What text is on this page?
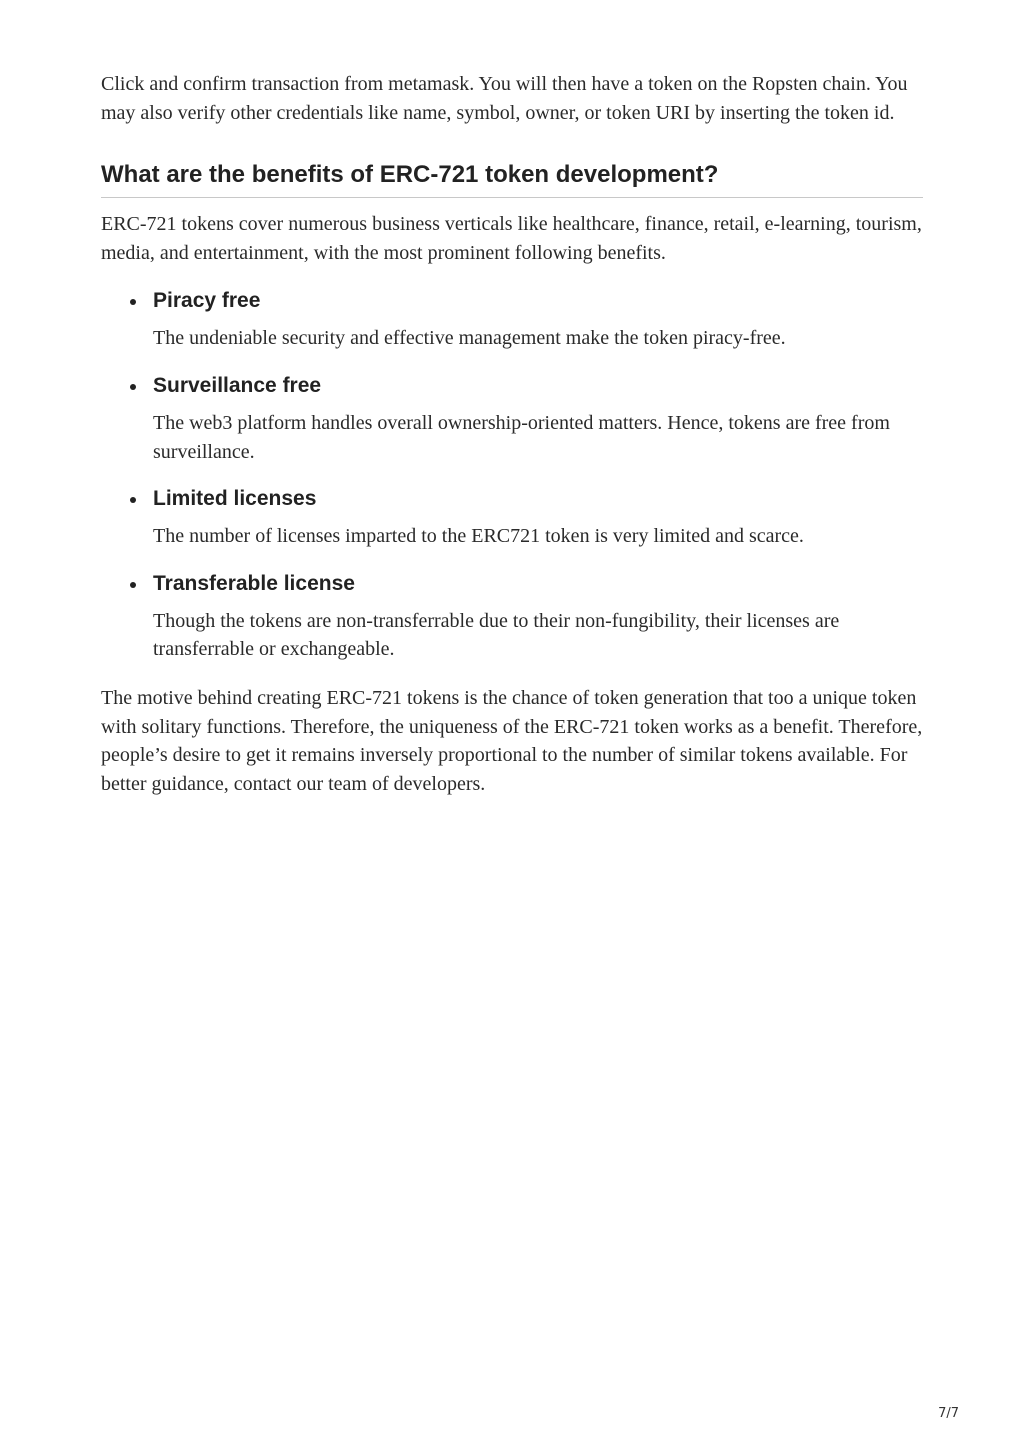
Click and confirm transaction from metamask. You will then have a token on the Ropsten chain. You may also verify other credentials like name, symbol, owner, or token URI by inserting the token id.

What are the benefits of ERC-721 token development?

ERC-721 tokens cover numerous business verticals like healthcare, finance, retail, e-learning, tourism, media, and entertainment, with the most prominent following benefits.

Piracy free

The undeniable security and effective management make the token piracy-free.

Surveillance free

The web3 platform handles overall ownership-oriented matters. Hence, tokens are free from surveillance.

Limited licenses

The number of licenses imparted to the ERC721 token is very limited and scarce.

Transferable license

Though the tokens are non-transferrable due to their non-fungibility, their licenses are transferrable or exchangeable.

The motive behind creating ERC-721 tokens is the chance of token generation that too a unique token with solitary functions. Therefore, the uniqueness of the ERC-721 token works as a benefit. Therefore, people’s desire to get it remains inversely proportional to the number of similar tokens available. For better guidance, contact our team of developers.

7/7
